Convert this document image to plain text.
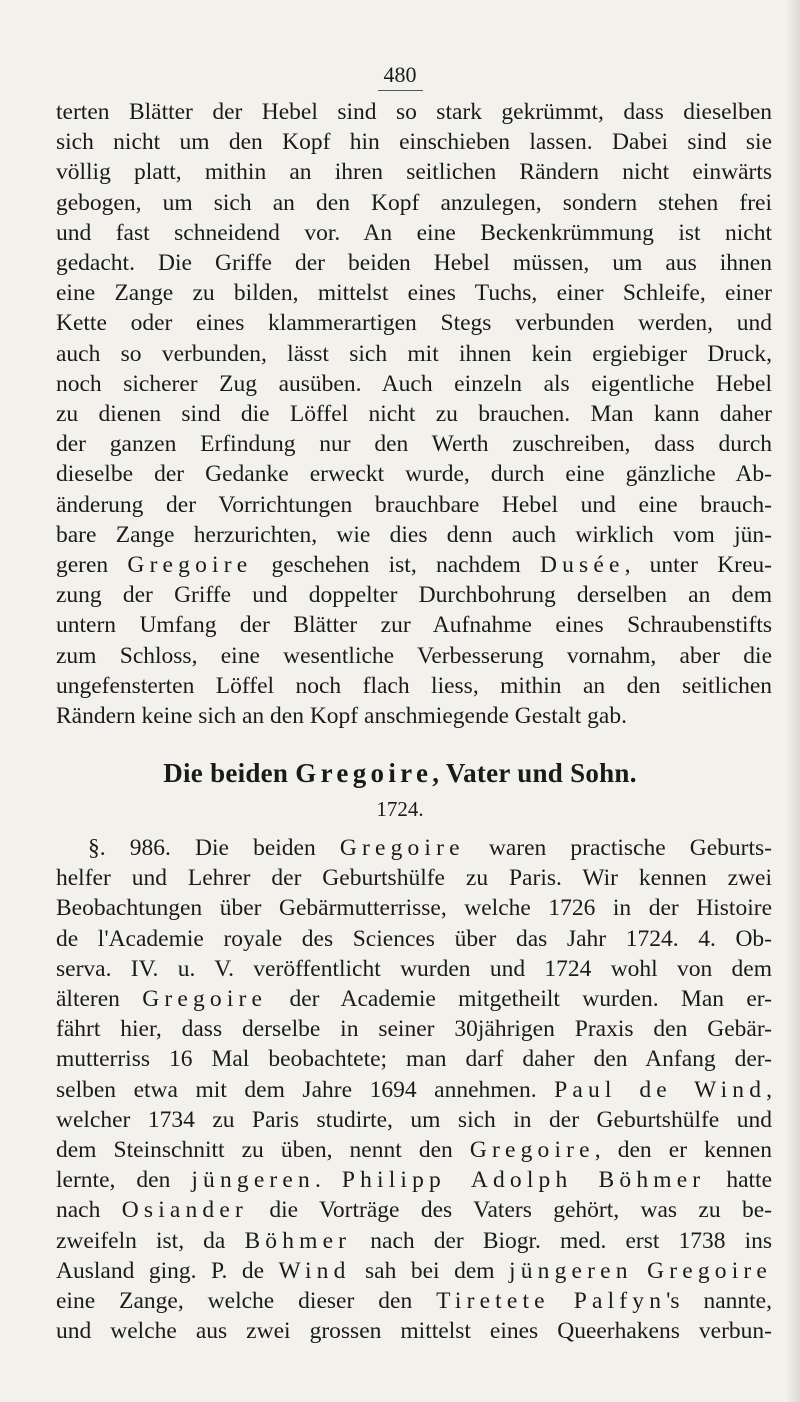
480
terten Blätter der Hebel sind so stark gekrümmt, dass dieselben
sich nicht um den Kopf hin einschieben lassen. Dabei sind sie
völlig platt, mithin an ihren seitlichen Rändern nicht einwärts
gebogen, um sich an den Kopf anzulegen, sondern stehen frei
und fast schneidend vor. An eine Beckenkrümmung ist nicht
gedacht. Die Griffe der beiden Hebel müssen, um aus ihnen
eine Zange zu bilden, mittelst eines Tuchs, einer Schleife, einer
Kette oder eines klammerartigen Stegs verbunden werden, und
auch so verbunden, lässt sich mit ihnen kein ergiebiger Druck,
noch sicherer Zug ausüben. Auch einzeln als eigentliche Hebel
zu dienen sind die Löffel nicht zu brauchen. Man kann daher
der ganzen Erfindung nur den Werth zuschreiben, dass durch
dieselbe der Gedanke erweckt wurde, durch eine gänzliche Ab-
änderung der Vorrichtungen brauchbare Hebel und eine brauch-
bare Zange herzurichten, wie dies denn auch wirklich vom jün-
geren Gregoire geschehen ist, nachdem Dusée, unter Kreu-
zung der Griffe und doppelter Durchbohrung derselben an dem
untern Umfang der Blätter zur Aufnahme eines Schraubenstifts
zum Schloss, eine wesentliche Verbesserung vornahm, aber die
ungefensterten Löffel noch flach liess, mithin an den seitlichen
Rändern keine sich an den Kopf anschmiegende Gestalt gab.
Die beiden Gregoire, Vater und Sohn.
1724.
§. 986. Die beiden Gregoire waren practische Geburts-
helfer und Lehrer der Geburtshülfe zu Paris. Wir kennen zwei
Beobachtungen über Gebärmutterrisse, welche 1726 in der Histoire
de l'Academie royale des Sciences über das Jahr 1724. 4. Ob-
serva. IV. u. V. veröffentlicht wurden und 1724 wohl von dem
älteren Gregoire der Academie mitgetheilt wurden. Man er-
fährt hier, dass derselbe in seiner 30jährigen Praxis den Gebär-
mutterriss 16 Mal beobachtete; man darf daher den Anfang der-
selben etwa mit dem Jahre 1694 annehmen. Paul de Wind,
welcher 1734 zu Paris studirte, um sich in der Geburtshülfe und
dem Steinschnitt zu üben, nennt den Gregoire, den er kennen
lernte, den jüngeren. Philipp Adolph Böhmer hatte
nach Osiander die Vorträge des Vaters gehört, was zu be-
zweifeln ist, da Böhmer nach der Biogr. med. erst 1738 ins
Ausland ging. P. de Wind sah bei dem jüngeren Gregoire
eine Zange, welche dieser den Tiretete Palfyn's nannte,
und welche aus zwei grossen mittelst eines Queerhakens verbun-
